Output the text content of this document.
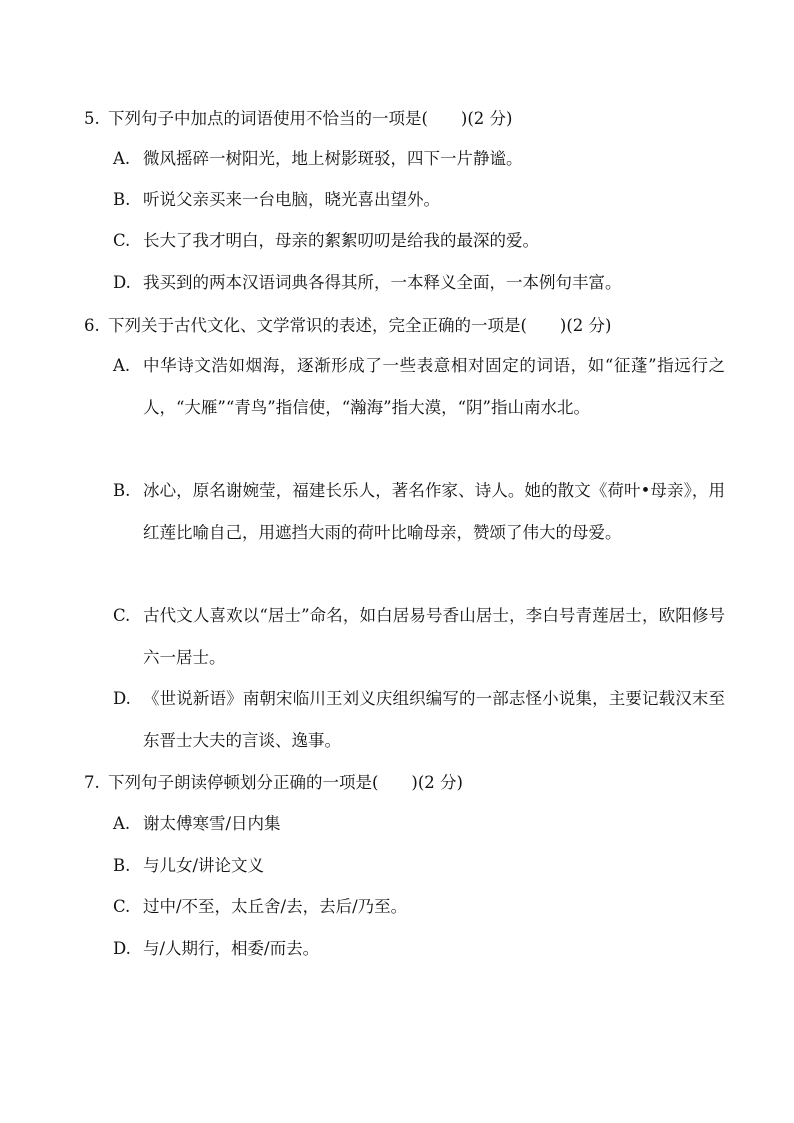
5. 下列句子中加点的词语使用不恰当的一项是(　　)(2 分)
A. 微风摇碎一树阳光，地上树影斑驳，四下一片静谧。
B. 听说父亲买来一台电脑，晓光喜出望外。
C. 长大了我才明白，母亲的絮絮叨叨是给我的最深的爱。
D. 我买到的两本汉语词典各得其所，一本释义全面，一本例句丰富。
6. 下列关于古代文化、文学常识的表述，完全正确的一项是(　　)(2 分)
A. 中华诗文浩如烟海，逐渐形成了一些表意相对固定的词语，如“征蓬”指远行之人，“大雁”“青鸟”指信使，“瀚海”指大漠，“阴”指山南水北。
B. 冰心，原名谢婉莹，福建长乐人，著名作家、诗人。她的散文《荷叶•母亲》，用红莲比喻自己，用遮挡大雨的荷叶比喻母亲，赞颂了伟大的母爱。
C. 古代文人喜欢以“居士”命名，如白居易号香山居士，李白号青莲居士，欧阳修号六一居士。
D. 《世说新语》南朝宋临川王刘义庆组织编写的一部志怪小说集，主要记载汉末至东晋士大夫的言谈、逸事。
7. 下列句子朗读停顿划分正确的一项是(　　)(2 分)
A. 谢太傅寒雪/日内集
B. 与儿女/讲论文义
C. 过中/不至，太丘舍/去，去后/乃至。
D. 与/人期行，相委/而去。
